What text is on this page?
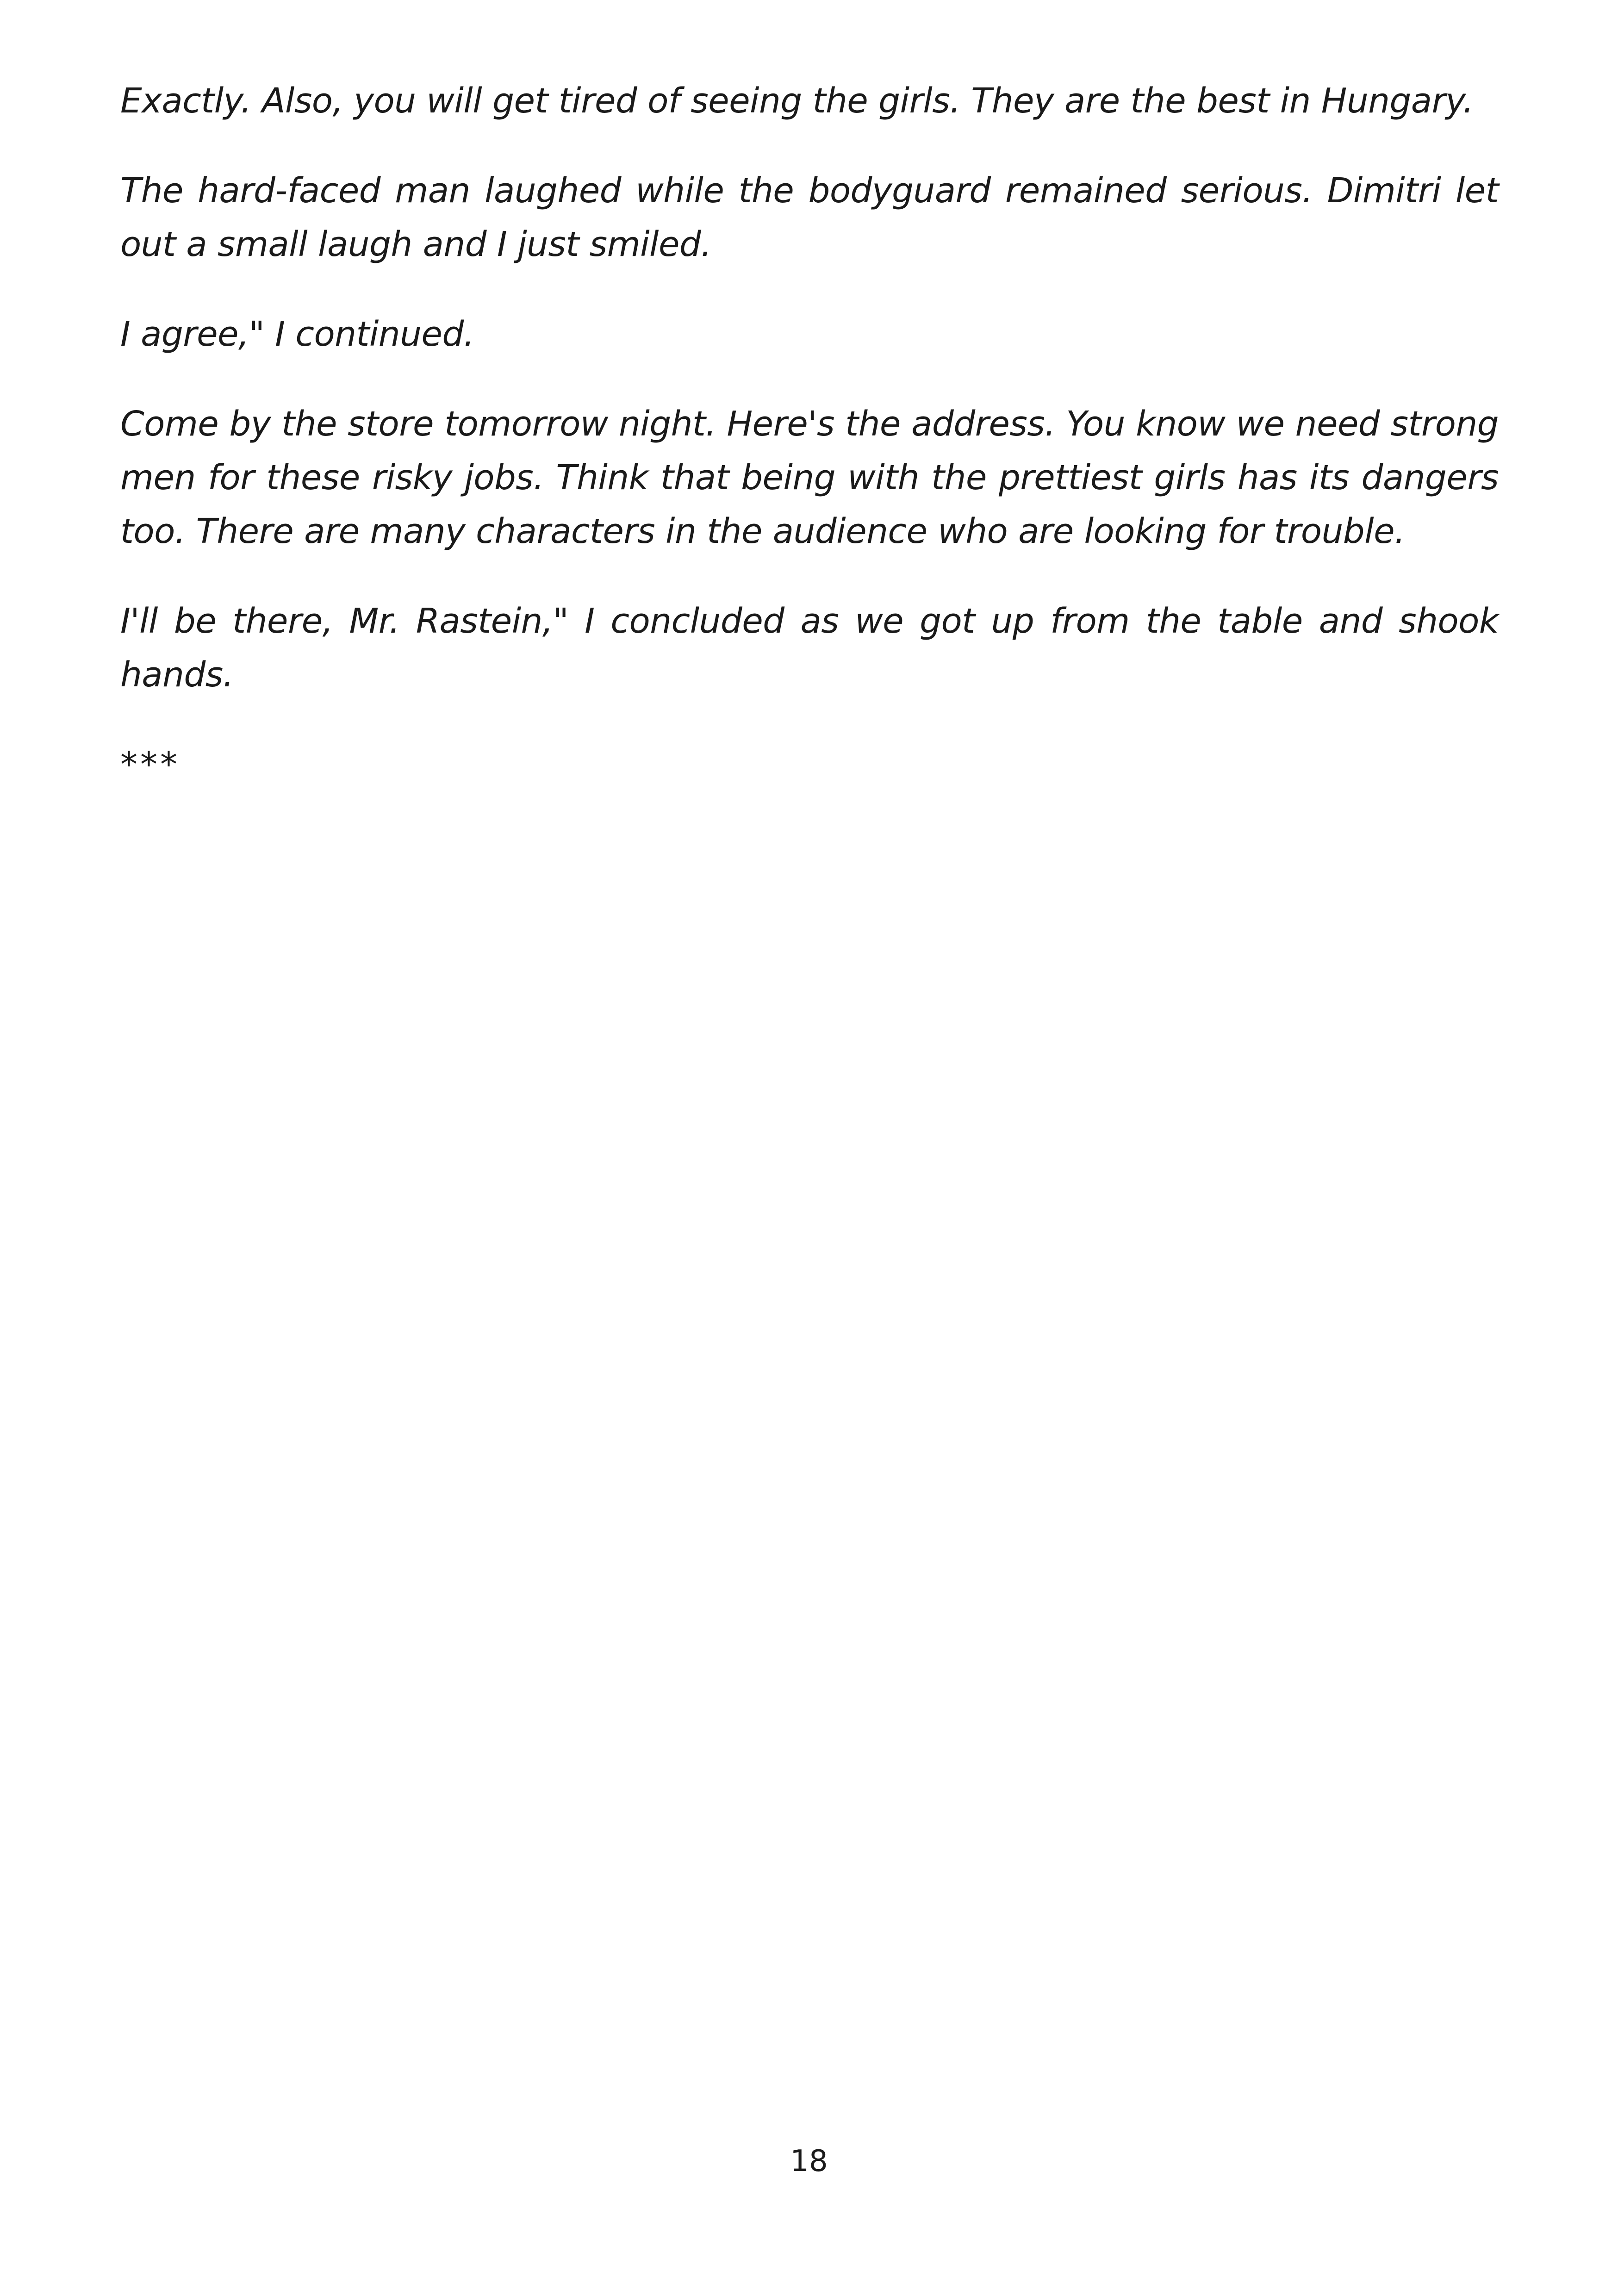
Exactly. Also, you will get tired of seeing the girls. They are the best in Hungary.

The hard-faced man laughed while the bodyguard remained serious. Dimitri let out a small laugh and I just smiled.

I agree," I continued.

Come by the store tomorrow night. Here's the address. You know we need strong men for these risky jobs. Think that being with the prettiest girls has its dangers too. There are many characters in the audience who are looking for trouble.

I'll be there, Mr. Rastein," I concluded as we got up from the table and shook hands.

***

18
